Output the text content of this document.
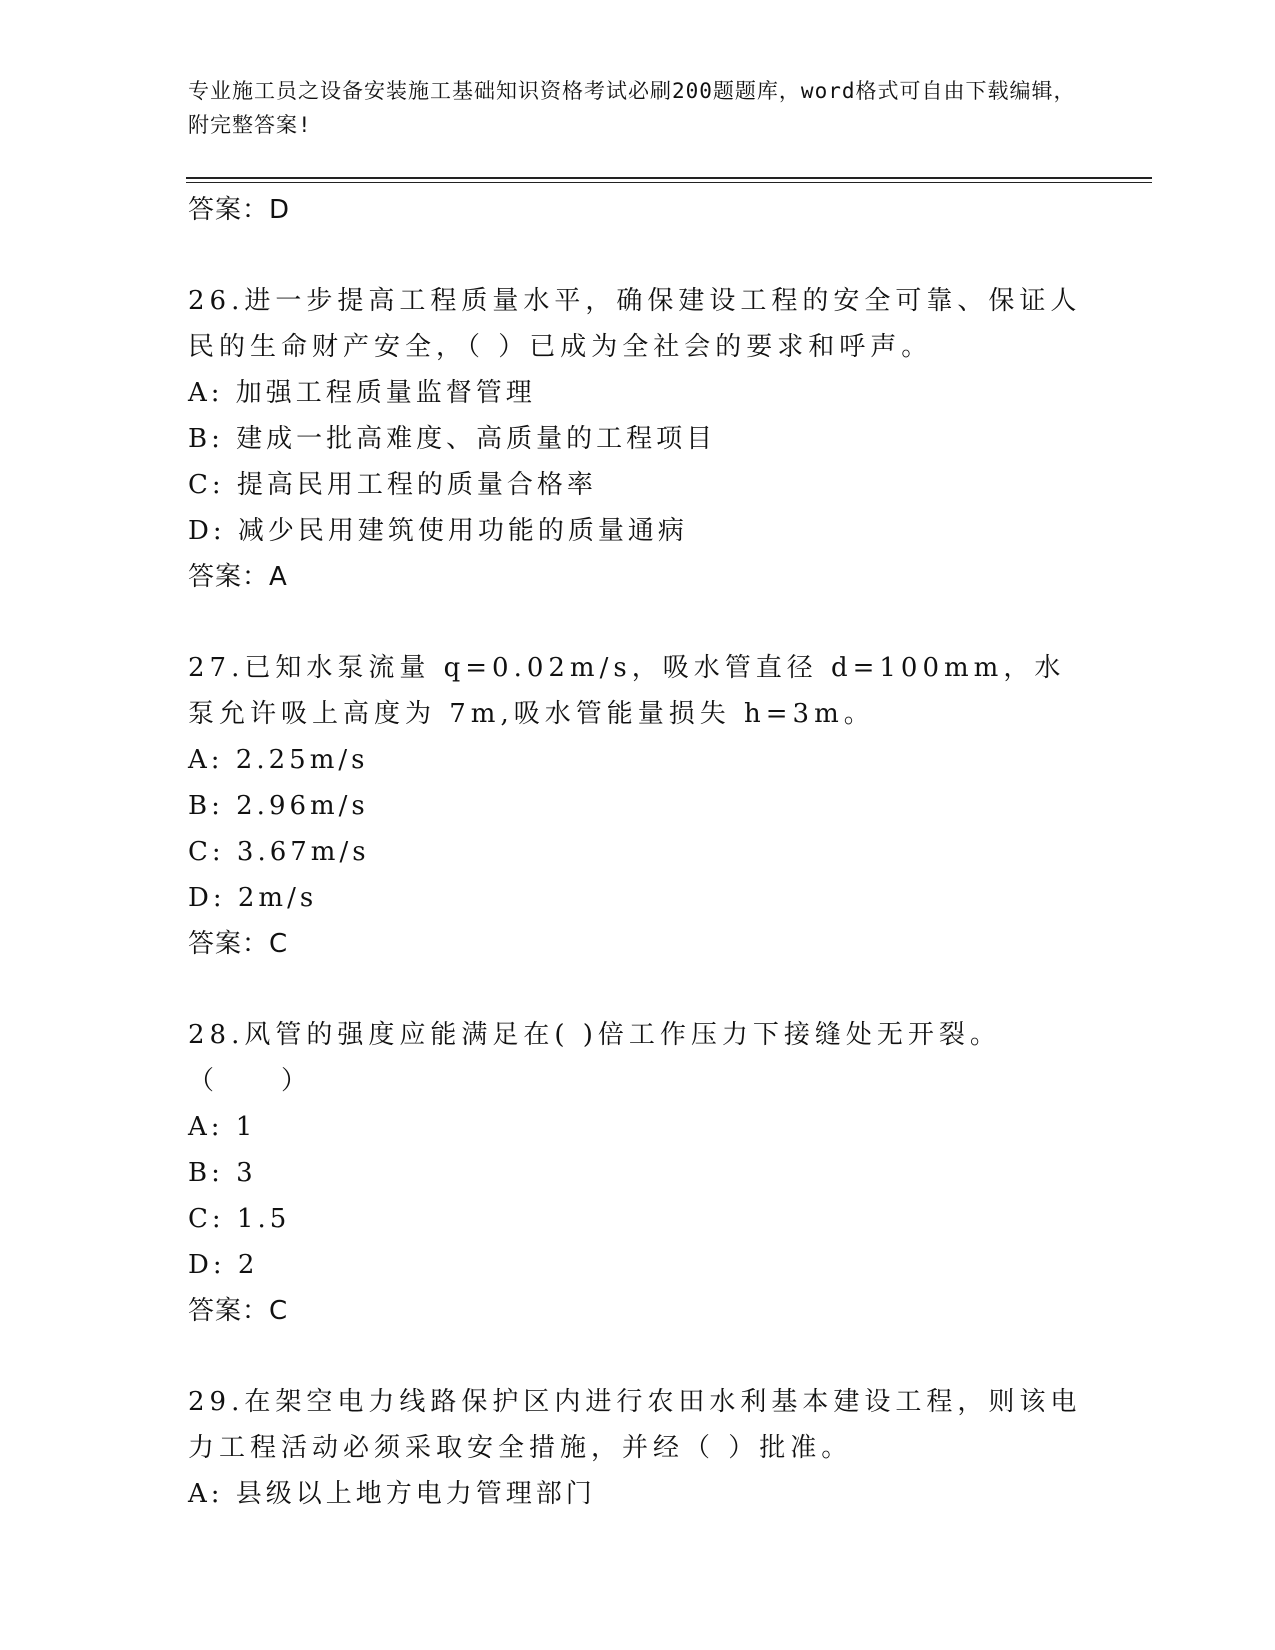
专业施工员之设备安装施工基础知识资格考试必刷200题题库，word格式可自由下载编辑，附完整答案!
答案：D
26.进一步提高工程质量水平，确保建设工程的安全可靠、保证人民的生命财产安全，（ ）已成为全社会的要求和呼声。
A: 加强工程质量监督管理
B: 建成一批高难度、高质量的工程项目
C: 提高民用工程的质量合格率
D: 减少民用建筑使用功能的质量通病
答案：A
27.已知水泵流量 q=0.02m/s，吸水管直径 d=100mm，水泵允许吸上高度为 7m,吸水管能量损失 h=3m。
A: 2.25m/s
B: 2.96m/s
C: 3.67m/s
D: 2m/s
答案：C
28.风管的强度应能满足在( )倍工作压力下接缝处无开裂。（　　）
A: 1
B: 3
C: 1.5
D: 2
答案：C
29.在架空电力线路保护区内进行农田水利基本建设工程，则该电力工程活动必须采取安全措施，并经（ ）批准。
A: 县级以上地方电力管理部门
